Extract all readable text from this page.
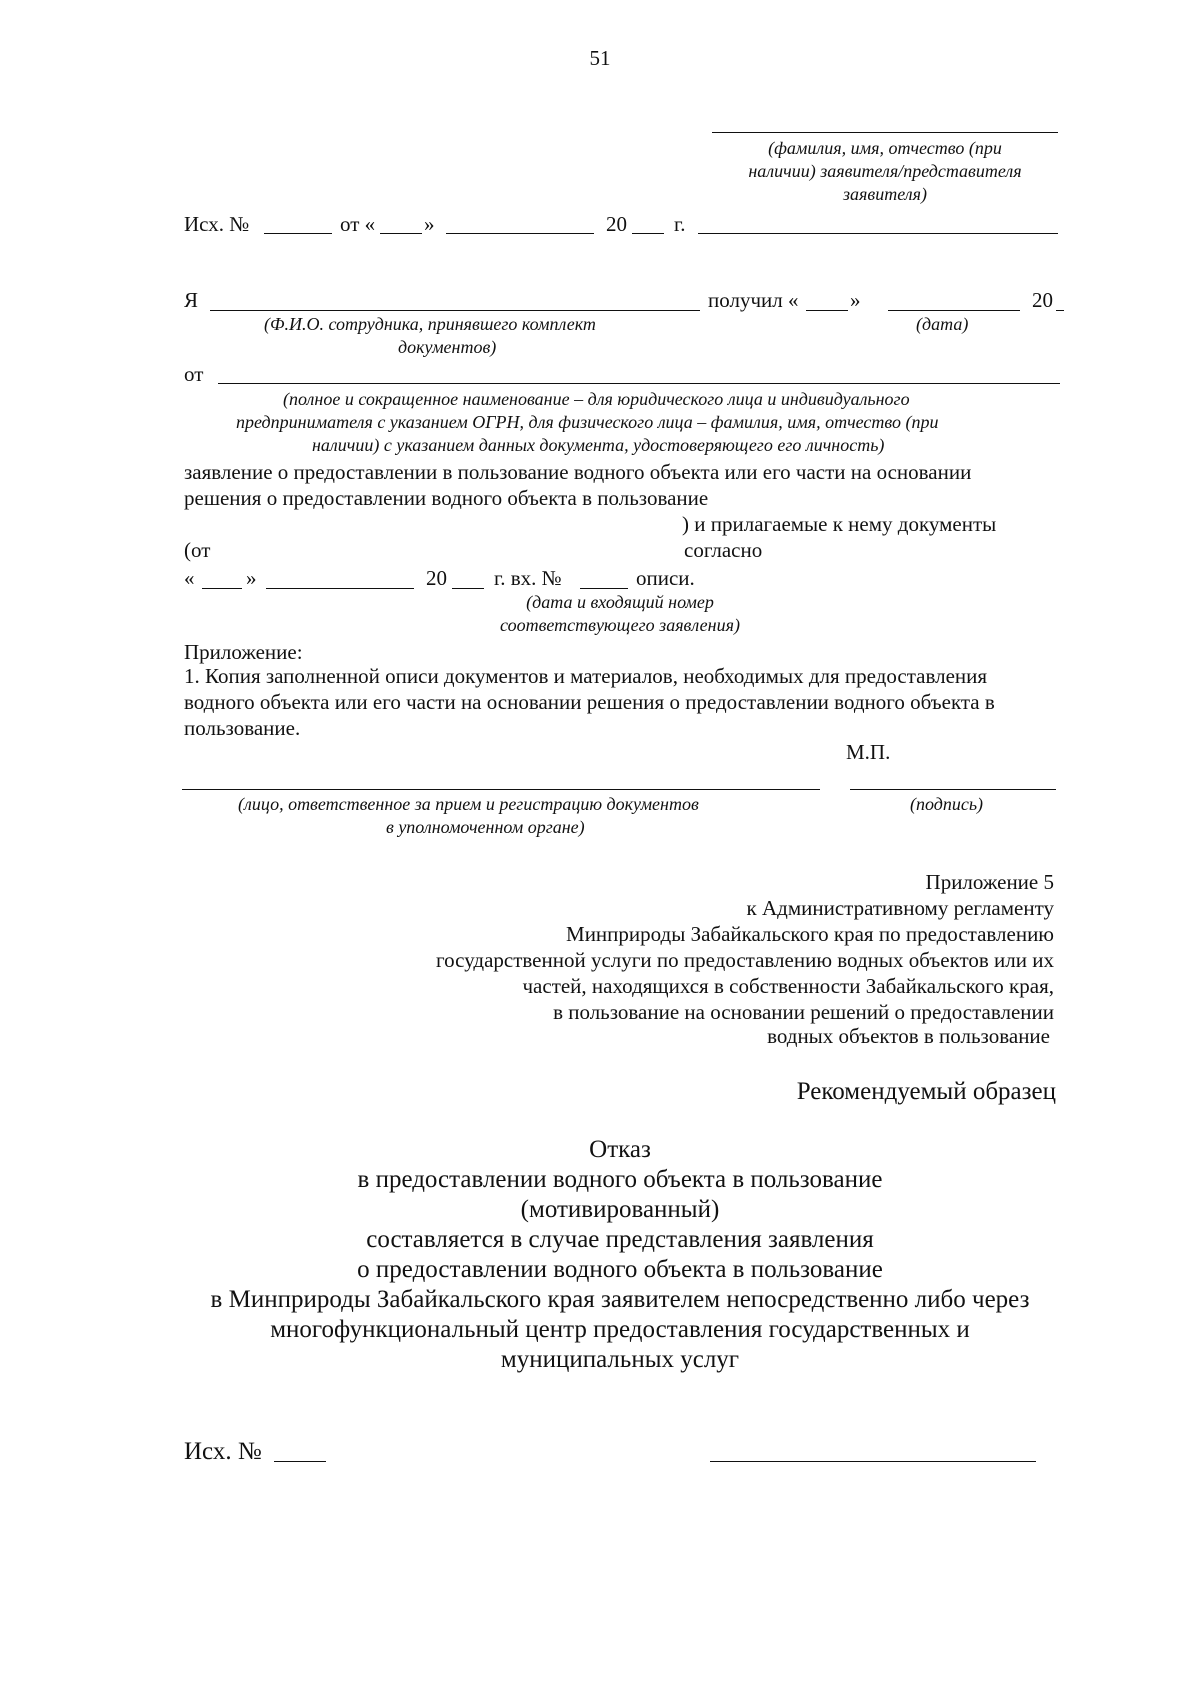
51
(фамилия, имя, отчество (при
наличии) заявителя/представителя
заявителя)
Исх. №	от « »	20 г.
Я	получил « »	20
(Ф.И.О. сотрудника, принявшего комплект
документов)
(дата)
от
(полное и сокращенное наименование – для юридического лица и индивидуального
предпринимателя с указанием ОГРН, для физического лица – фамилия, имя, отчество (при
наличии) с указанием данных документа, удостоверяющего его личность)
заявление о предоставлении в пользование водного объекта или его части на основании
решения о предоставлении водного объекта в пользование
) и прилагаемые к нему документы
(от	согласно
« »	20 г. вх. №	описи.
(дата и входящий номер
соответствующего заявления)
Приложение:
1. Копия заполненной описи документов и материалов, необходимых для предоставления
водного объекта или его части на основании решения о предоставлении водного объекта в
пользование.
М.П.
(лицо, ответственное за прием и регистрацию документов
в уполномоченном органе)
(подпись)
Приложение 5
к Административному регламенту
Минприроды Забайкальского края по предоставлению
государственной услуги по предоставлению водных объектов или их
частей, находящихся в собственности Забайкальского края,
в пользование на основании решений о предоставлении
водных объектов в пользование
Рекомендуемый образец
Отказ
в предоставлении водного объекта в пользование
(мотивированный)
составляется в случае представления заявления
о предоставлении водного объекта в пользование
в Минприроды Забайкальского края заявителем непосредственно либо через
многофункциональный центр предоставления государственных и
муниципальных услуг
Исх. №
